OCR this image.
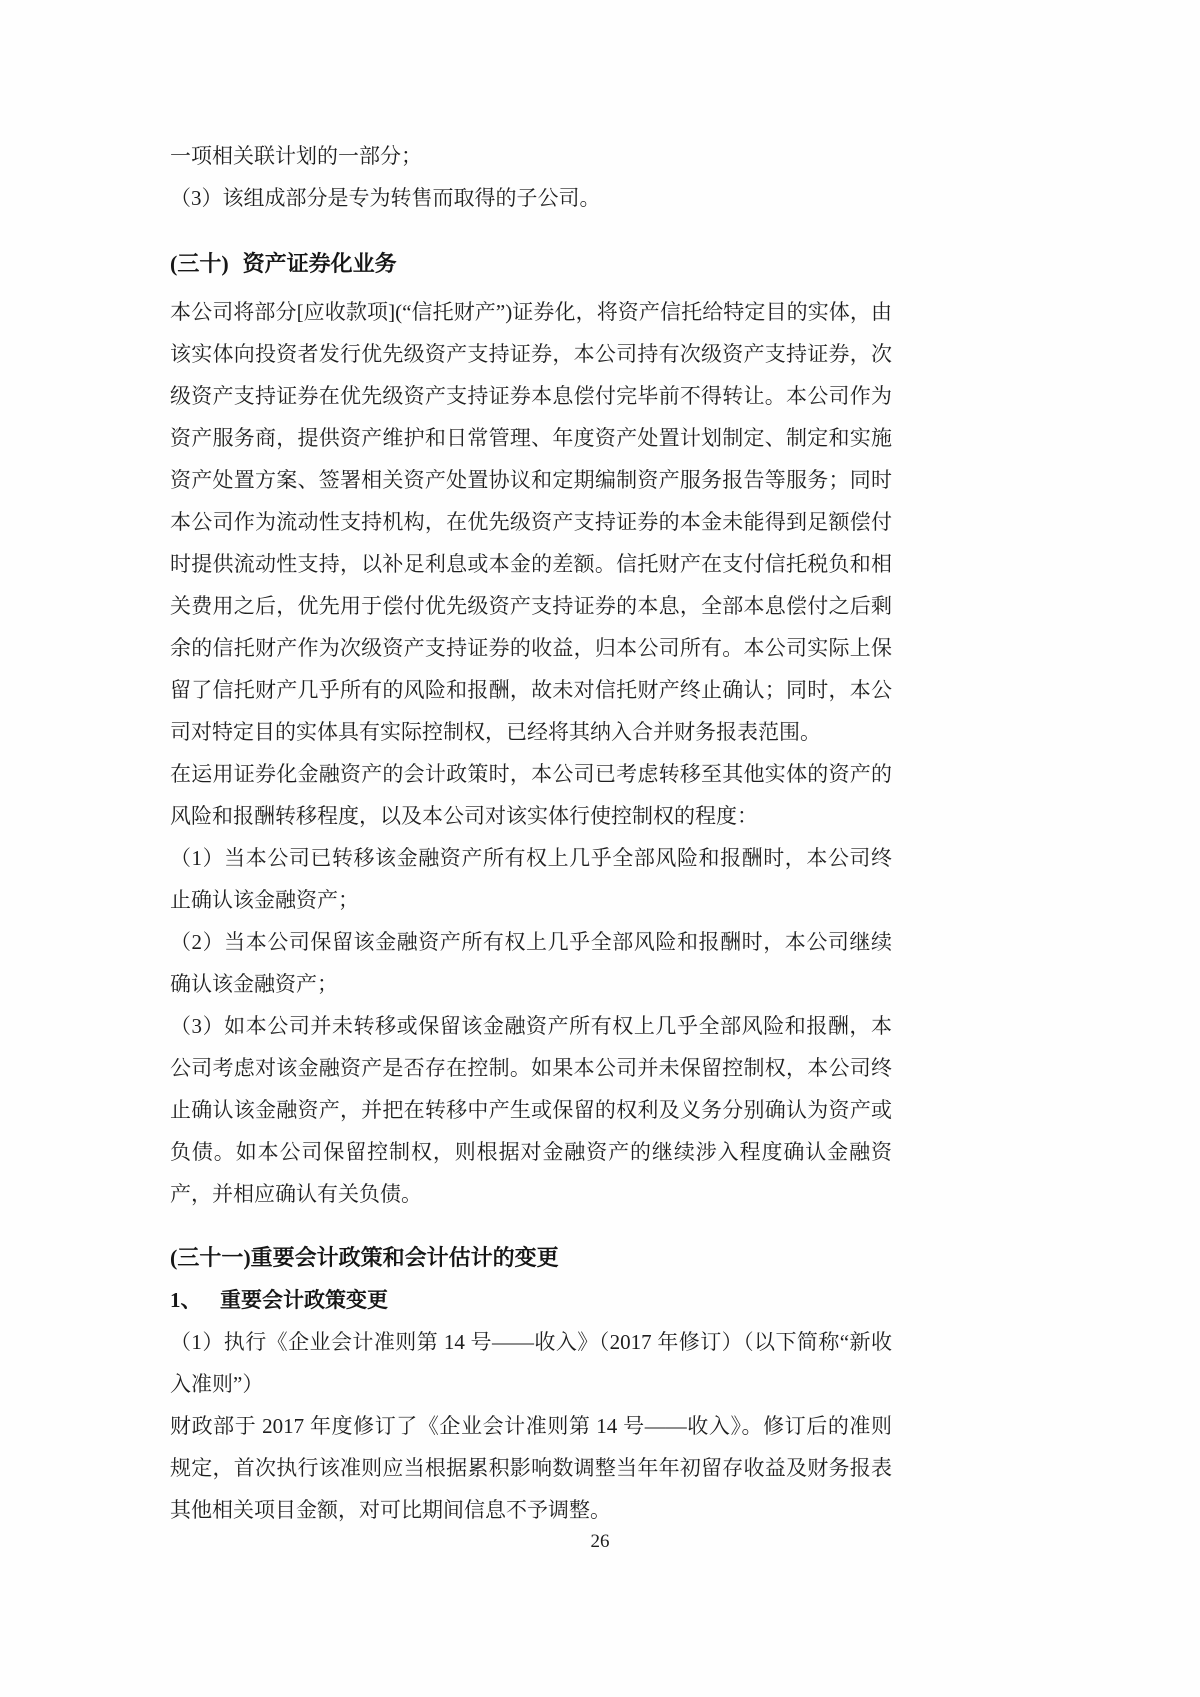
一项相关联计划的一部分；

（3）该组成部分是专为转售而取得的子公司。

(三十) 资产证券化业务

本公司将部分[应收款项](“信托财产”)证券化，将资产信托给特定目的实体，由该实体向投资者发行优先级资产支持证券，本公司持有次级资产支持证券，次级资产支持证券在优先级资产支持证券本息偿付完毕前不得转让。本公司作为资产服务商，提供资产维护和日常管理、年度资产处置计划制定、制定和实施资产处置方案、签署相关资产处置协议和定期编制资产服务报告等服务；同时本公司作为流动性支持机构，在优先级资产支持证券的本金未能得到足额偿付时提供流动性支持，以补足利息或本金的差额。信托财产在支付信托税负和相关费用之后，优先用于偿付优先级资产支持证券的本息，全部本息偿付之后剩余的信托财产作为次级资产支持证券的收益，归本公司所有。本公司实际上保留了信托财产几乎所有的风险和报酬，故未对信托财产终止确认；同时，本公司对特定目的实体具有实际控制权，已经将其纳入合并财务报表范围。

在运用证券化金融资产的会计政策时，本公司已考虑转移至其他实体的资产的风险和报酬转移程度，以及本公司对该实体行使控制权的程度：

（1）当本公司已转移该金融资产所有权上几乎全部风险和报酬时，本公司终止确认该金融资产；

（2）当本公司保留该金融资产所有权上几乎全部风险和报酬时，本公司继续确认该金融资产；

（3）如本公司并未转移或保留该金融资产所有权上几乎全部风险和报酬，本公司考虑对该金融资产是否存在控制。如果本公司并未保留控制权，本公司终止确认该金融资产，并把在转移中产生或保留的权利及义务分别确认为资产或负债。如本公司保留控制权，则根据对金融资产的继续涉入程度确认金融资产，并相应确认有关负债。

(三十一)重要会计政策和会计估计的变更

1、 重要会计政策变更

（1）执行《企业会计准则第 14 号——收入》（2017 年修订）（以下简称“新收入准则”）

财政部于 2017 年度修订了《企业会计准则第 14 号——收入》。修订后的准则规定，首次执行该准则应当根据累积影响数调整当年年初留存收益及财务报表其他相关项目金额，对可比期间信息不予调整。

26
